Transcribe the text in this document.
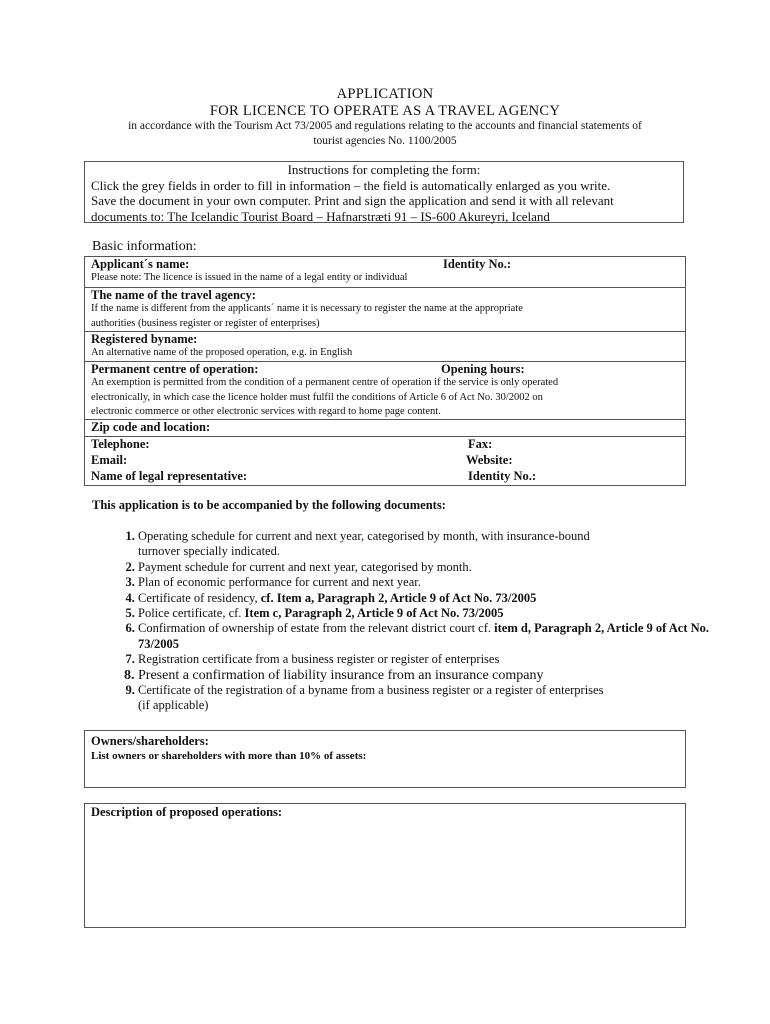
APPLICATION
FOR LICENCE TO OPERATE AS A TRAVEL AGENCY
in accordance with the Tourism Act 73/2005 and regulations relating to the accounts and financial statements of
tourist agencies No. 1100/2005
Instructions for completing the form:
Click the grey fields in order to fill in information – the field is automatically enlarged as you write.
Save the document in your own computer. Print and sign the application and send it with all relevant
documents to: The Icelandic Tourist Board – Hafnarstræti 91 – IS-600 Akureyri, Iceland
Basic information:
Applicant´s name:	Identity No.:
Please note: The licence is issued in the name of a legal entity or individual
The name of the travel agency:
If the name is different from the applicants´ name it is necessary to register the name at the appropriate
authorities (business register or register of enterprises)
Registered byname:
An alternative name of the proposed operation, e.g. in English
Permanent centre of operation:	Opening hours:
An exemption is permitted from the condition of a permanent centre of operation if the service is only operated
electronically, in which case the licence holder must fulfil the conditions of Article 6 of Act No. 30/2002 on
electronic commerce or other electronic services with regard to home page content.
Zip code and location:
Telephone:	Fax:
Email:	Website:
Name of legal representative:	Identity No.:
This application is to be accompanied by the following documents:
1. Operating schedule for current and next year, categorised by month, with insurance-bound
turnover specially indicated.
2. Payment schedule for current and next year, categorised by month.
3. Plan of economic performance for current and next year.
4. Certificate of residency, cf. Item a, Paragraph 2, Article 9 of Act No. 73/2005
5. Police certificate, cf. Item c, Paragraph 2, Article 9 of Act No. 73/2005
6. Confirmation of ownership of estate from the relevant district court cf. item d, Paragraph 2, Article 9 of Act No. 73/2005
7. Registration certificate from a business register or register of enterprises
8. Present a confirmation of liability insurance from an insurance company
9. Certificate of the registration of a byname from a business register or a register of enterprises
(if applicable)
Owners/shareholders:
List owners or shareholders with more than 10% of assets:
Description of proposed operations:
